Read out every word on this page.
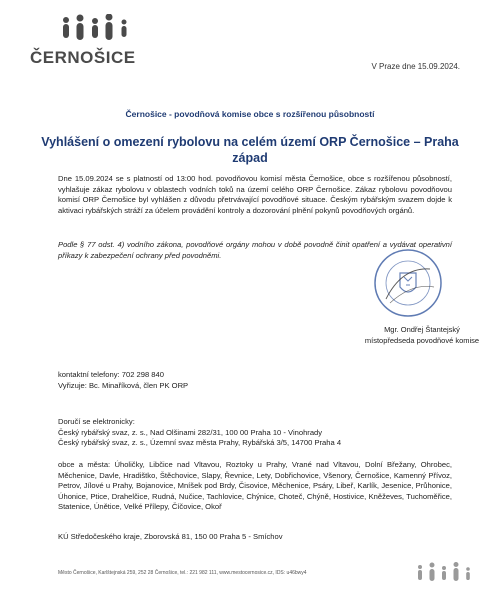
ČERNOŠICE	V Praze dne 15.09.2024.
Černošice - povodňová komise obce s rozšířenou působností
Vyhlášení o omezení rybolovu na celém území ORP Černošice – Praha západ
Dne 15.09.2024 se s platností od 13:00 hod. povodňovou komisí města Černošice, obce s rozšířenou působností, vyhlašuje zákaz rybolovu v oblastech vodních toků na území celého ORP Černošice. Zákaz rybolovu povodňovou komisí ORP Černošice byl vyhlášen z důvodu přetrvávající povodňové situace. Českým rybářským svazem dojde k aktivaci rybářských stráží za účelem provádění kontroly a dozorování plnění pokynů povodňových orgánů.
Podle § 77 odst. 4) vodního zákona, povodňové orgány mohou v době povodně činit opatření a vydávat operativní příkazy k zabezpečení ochrany před povodněmi.
Mgr. Ondřej Štantejský
místopředseda povodňové komise
kontaktní telefony: 702 298 840
Vyřizuje: Bc. Minaříková, člen PK ORP
Doručí se elektronicky:
Český rybářský svaz, z. s., Nad Olšinami 282/31, 100 00 Praha 10 - Vinohrady
Český rybářský svaz, z. s., Územní svaz města Prahy, Rybářská 3/5, 14700 Praha 4
obce a města: Úholičky, Libčice nad Vltavou, Roztoky u Prahy, Vrané nad Vltavou, Dolní Břežany, Ohrobec, Měchenice, Davle, Hradištko, Štěchovice, Slapy, Řevnice, Lety, Dobřichovice, Všenory, Černošice, Kamenný Přívoz, Petrov, Jílové u Prahy, Bojanovice, Mníšek pod Brdy, Čisovice, Měchenice, Psáry, Libeř, Karlík, Jesenice, Průhonice, Úhonice, Ptice, Drahelčice, Rudná, Nučice, Tachlovice, Chýnice, Choteč, Chýně, Hostivice, Kněževes, Tuchoměřice, Statenice, Únětice, Velké Přílepy, Číčovice, Okoř
KÚ Středočeského kraje, Zborovská 81, 150 00 Praha 5 - Smíchov
Město Černošice, Karlštejnská 259, 252 28 Černošice, tel.: 221 982 111, www.mestocernosice.cz, IDS: u46bwy4
